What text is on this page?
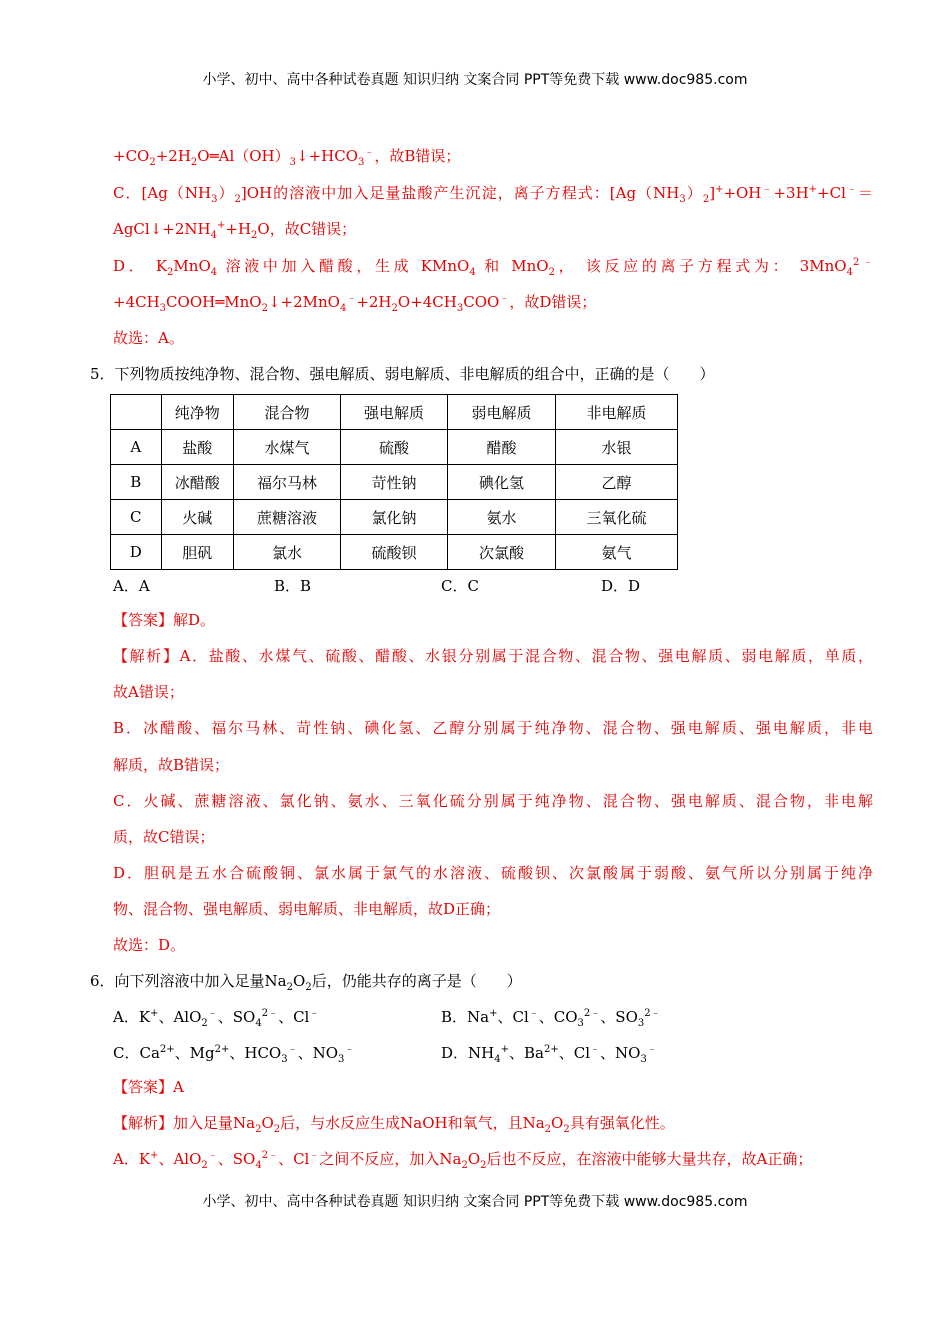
小学、初中、高中各种试卷真题 知识归纳 文案合同 PPT等免费下载 www.doc985.com
$+CO_2+2H_2O═Al(OH)_3↓+HCO_3^﹣$，故B错误；
C．$[Ag(NH_3)_2]OH$的溶液中加入足量盐酸产生沉淀，离子方程式：$[Ag(NH_3)_2]^++OH^﹣+3H^++Cl^﹣=$
$AgCl↓+2NH_4^++H_2O$，故C错误；
D． $K_2MnO_4$ 溶液中加入醋酸，生成 KMnO$_4$ 和 MnO$_2$， 该反应的离子方程式为： 3MnO$_4^{2﹣}$
$+4CH_3COOH═MnO_2↓+2MnO_4^﹣+2H_2O+4CH_3COO^﹣$，故D错误；
故选：A。
5．下列物质按纯净物、混合物、强电解质、弱电解质、非电解质的组合中，正确的是（　　）
	纯净物	混合物	强电解质	弱电解质	非电解质
A	盐酸	水煤气	硫酸	醋酸	水银
B	冰醋酸	福尔马林	苛性钠	碘化氢	乙醇
C	火碱	蔗糖溶液	氯化钠	氨水	三氧化硫
D	胆矾	氯水	硫酸钡	次氯酸	氨气
A．A	B．B	C．C	D．D
【答案】解D。
【解析】A．盐酸、水煤气、硫酸、醋酸、水银分别属于混合物、混合物、强电解质、弱电解质，单质，
故A错误；
B．冰醋酸、福尔马林、苛性钠、碘化氢、乙醇分别属于纯净物、混合物、强电解质、强电解质，非电
解质，故B错误；
C．火碱、蔗糖溶液、氯化钠、氨水、三氧化硫分别属于纯净物、混合物、强电解质、混合物，非电解
质，故C错误；
D．胆矾是五水合硫酸铜、氯水属于氯气的水溶液、硫酸钡、次氯酸属于弱酸、氨气所以分别属于纯净
物、混合物、强电解质、弱电解质、非电解质，故D正确；
故选：D。
6．向下列溶液中加入足量$Na_2O_2$后，仍能共存的离子是（　　）
A．K+、AlO$_2$﹣、$SO_4^{2﹣}$、Cl﹣	B．Na+、Cl﹣、$CO_3^{2﹣}$、$SO_3^{2﹣}$
C．$Ca^{2+}$、$Mg^{2+}$、$HCO_3^﹣$、$NO_3^﹣$	D．$NH_4^+$、$Ba^{2+}$、Cl﹣、$NO_3^﹣$
【答案】A
【解析】加入足量$Na_2O_2$后，与水反应生成NaOH和氧气，且$Na_2O_2$具有强氧化性。
A．K+、AlO$_2$﹣、$SO_4^{2﹣}$、Cl﹣之间不反应，加入$Na_2O_2$后也不反应，在溶液中能够大量共存，故A正确；
小学、初中、高中各种试卷真题 知识归纳 文案合同 PPT等免费下载 www.doc985.com
